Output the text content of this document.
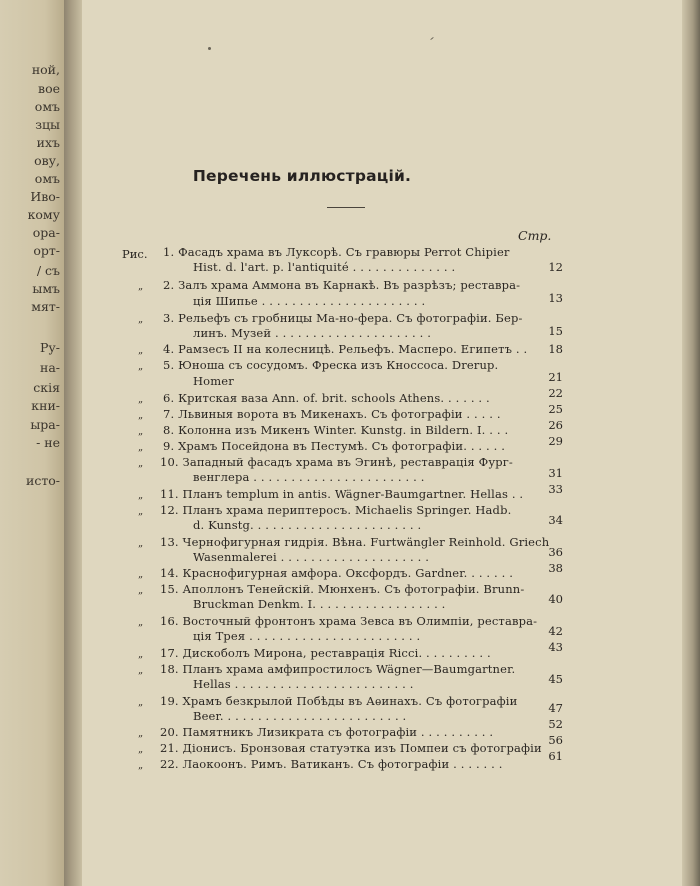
ной,
вое
омъ
зцы
ихъ
ову,
омъ
Иво-
кому
opa-
opт-
/ съ
ымъ
мят-
Ру-
на-
скія
кни-
ыра-
- не
исто-
Перечень иллюстрацій.
Стр.
Рис. 1. Фасадъ храма въ Луксорѣ. Съ гравюры Perrot Chipier
Hist. d. l'art. p. l'antiquité . . . . . . . . . . . . . .
2. Залъ храма Аммона въ Карнакѣ. Въ разрѣзъ; реставра-
ція Шипье . . . . . . . . . . . . . . . . . . . . . .
3. Рельефъ съ гробницы Ма-но-фера. Съ фотографіи. Бер-
линъ. Музей . . . . . . . . . . . . . . . . . . . . .
4. Рамзесъ II на колесницѣ. Рельефъ. Масперо. Египетъ . .
5. Юноша съ сосудомъ. Фреска изъ Кноссоса. Drerup.
Homer
6. Критская ваза Ann. of. brit. schools Athens. . . . . . .
7. Львиныя ворота въ Микенахъ. Съ фотографіи . . . . .
8. Колонна изъ Микенъ Winter. Kunstg. in Bildern. I. . . .
9. Храмъ Посейдона въ Пестумѣ. Съ фотографіи. . . . . .
10. Западный фасадъ храма въ Эгинѣ, реставрація Фург-
венглера . . . . . . . . . . . . . . . . . . . . . . .
11. Планъ templum in antis. Wägner-Baumgartner. Hellas . .
12. Планъ храма периптеросъ. Michaelis Springer. Hadb.
d. Kunstg. . . . . . . . . . . . . . . . . . . . . . .
13. Чернофигурная гидрія. Вѣна. Furtwängler Reinhold. Griech
Wasenmalerei . . . . . . . . . . . . . . . . . . . .
14. Краснофигурная амфора. Оксфордъ. Gardner. . . . . . .
15. Аполлонъ Тенейскій. Мюнхенъ. Съ фотографіи. Brunn-
Bruckman Denkm. I. . . . . . . . . . . . . . . . . .
16. Восточный фронтонъ храма Зевса въ Олимпіи, реставра-
ція Трея . . . . . . . . . . . . . . . . . . . . . . .
17. Дискоболъ Мирона, реставрація Ricci. . . . . . . . . .
18. Планъ храма амфипростилосъ Wägner—Baumgartner.
Hellas . . . . . . . . . . . . . . . . . . . . . . . .
19. Храмъ безкрылой Побѣды въ Аѳинахъ. Съ фотографіи
Beer. . . . . . . . . . . . . . . . . . . . . . . . .
20. Памятникъ Лизикрата съ фотографіи . . . . . . . . . .
21. Діонисъ. Бронзовая статуэтка изъ Помпеи съ фотографіи
22. Лаокоонъ. Римъ. Ватиканъ. Съ фотографіи . . . . . . .
12
13
15
18
21
22
25
26
29
31
33
34
36
38
40
42
43
45
47
52
56
61
„
„
„
„
„
„
„
„
„
„
„
„
„
„
„
„
„
„
„
„
„
